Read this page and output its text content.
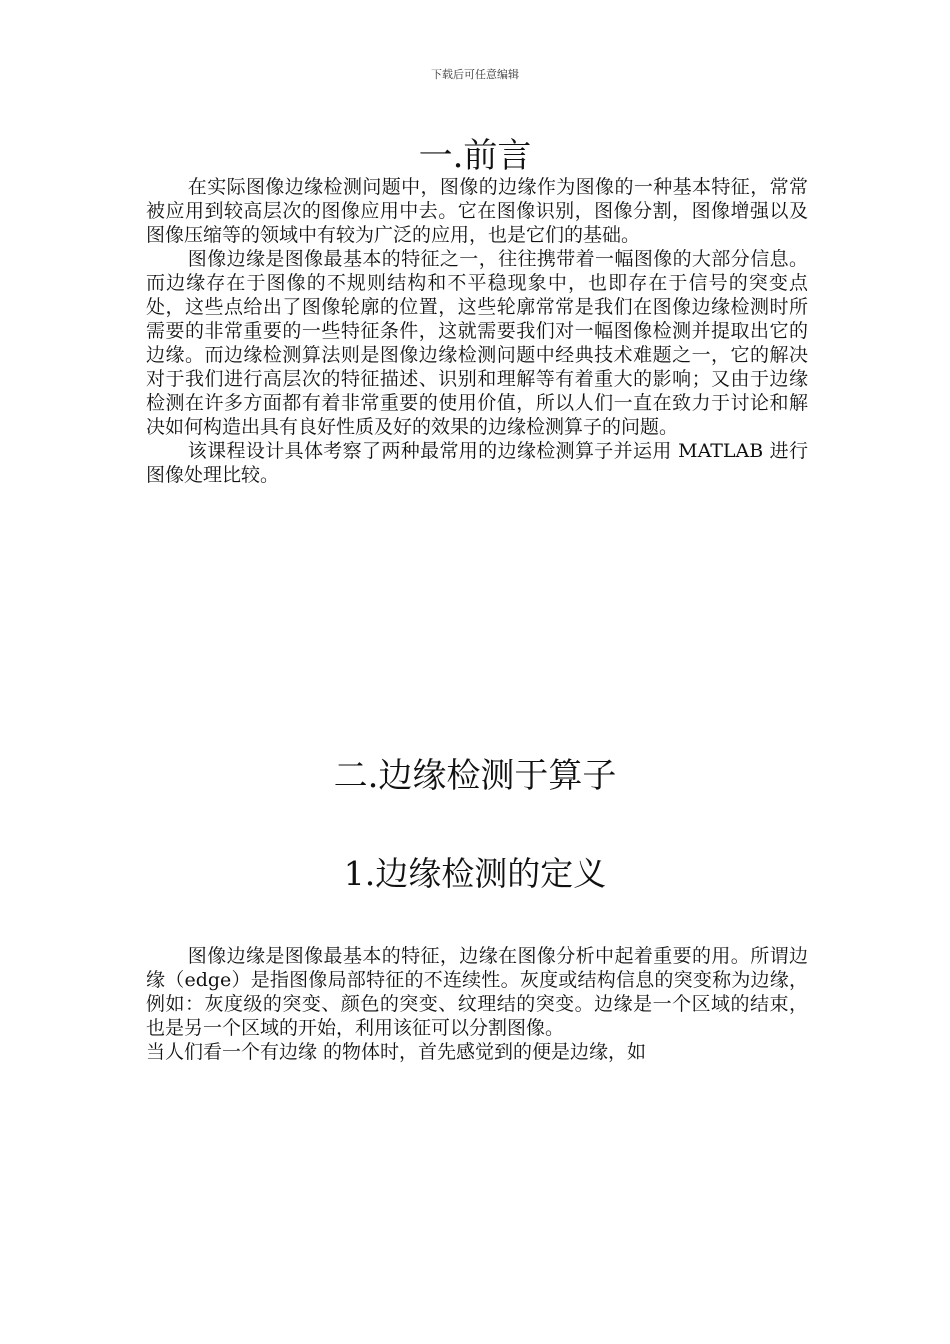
下载后可任意编辑
一.前言

在实际图像边缘检测问题中，图像的边缘作为图像的一种基本特征，常常被应用到较高层次的图像应用中去。它在图像识别，图像分割，图像增强以及图像压缩等的领域中有较为广泛的应用，也是它们的基础。

图像边缘是图像最基本的特征之一，往往携带着一幅图像的大部分信息。而边缘存在于图像的不规则结构和不平稳现象中，也即存在于信号的突变点处，这些点给出了图像轮廓的位置，这些轮廓常常是我们在图像边缘检测时所需要的非常重要的一些特征条件，这就需要我们对一幅图像检测并提取出它的边缘。而边缘检测算法则是图像边缘检测问题中经典技术难题之一，它的解决对于我们进行高层次的特征描述、识别和理解等有着重大的影响；又由于边缘检测在许多方面都有着非常重要的使用价值，所以人们一直在致力于讨论和解决如何构造出具有良好性质及好的效果的边缘检测算子的问题。

该课程设计具体考察了两种最常用的边缘检测算子并运用 MATLAB 进行图像处理比较。

二.边缘检测于算子
1.边缘检测的定义

图像边缘是图像最基本的特征，边缘在图像分析中起着重要的用。所谓边缘（edge）是指图像局部特征的不连续性。灰度或结构信息的突变称为边缘，例如：灰度级的突变、颜色的突变、纹理结的突变。边缘是一个区域的结束，也是另一个区域的开始，利用该征可以分割图像。

当人们看一个有边缘 的物体时，首先感觉到的便是边缘，如
